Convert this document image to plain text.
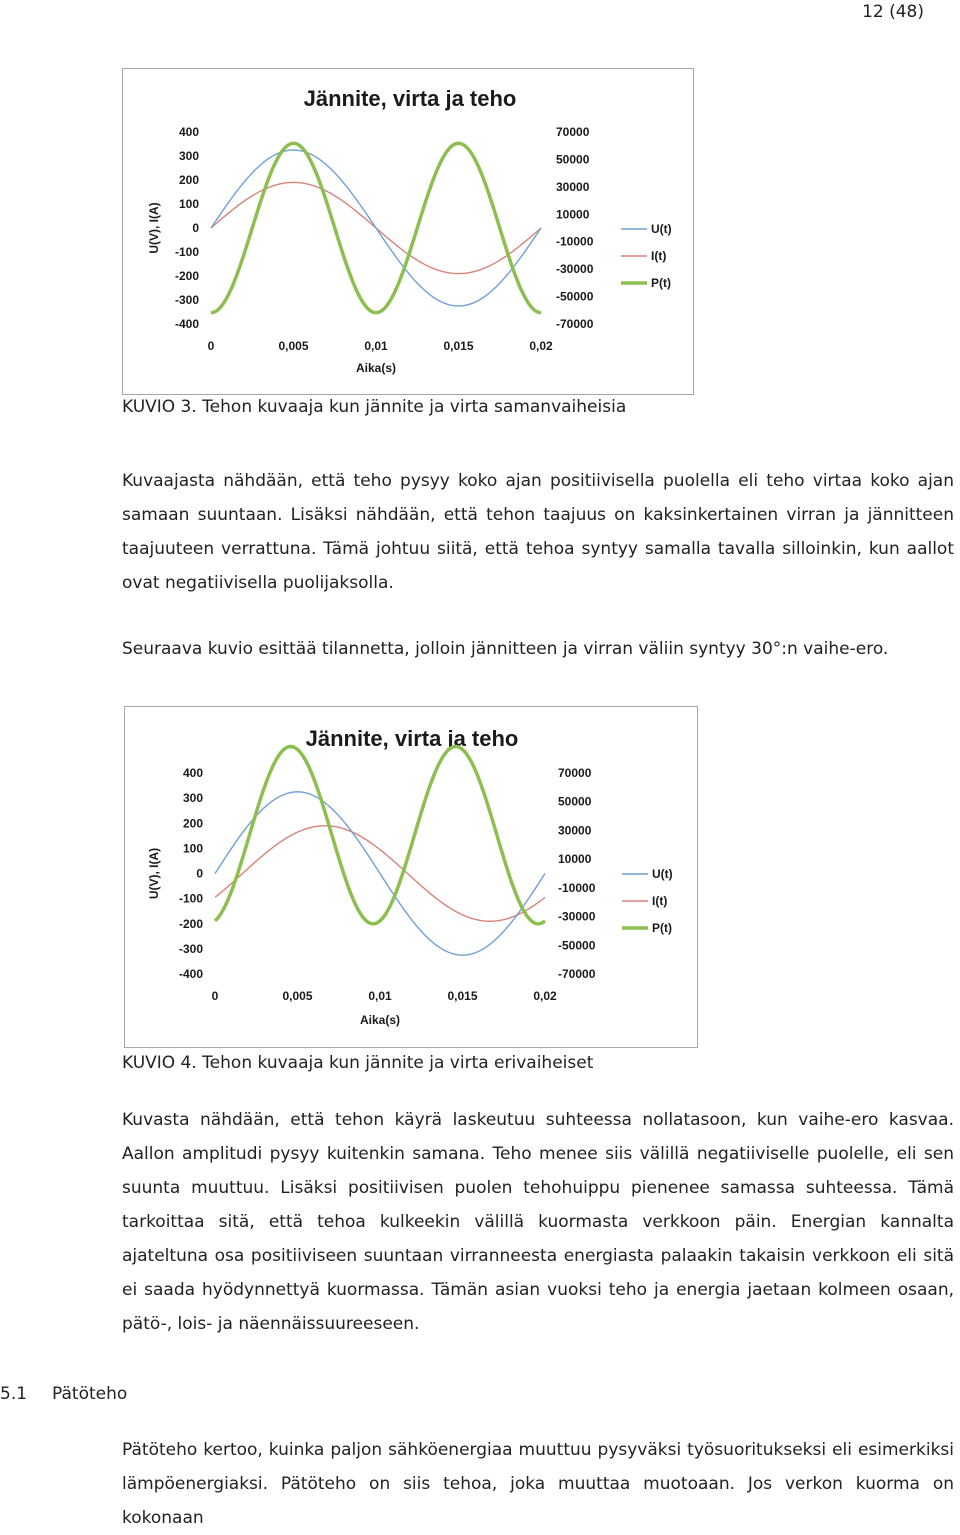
12 (48)
Jännite, virta ja teho
400
300
200
100
0
-100
-200
-300
-400
70000
50000
30000
10000
-10000
-30000
-50000
-70000
0	0,005	0,01	0,015	0,02
Aika(s)
U(V), I(A)	U(t)
I(t)
P(t)

KUVIO 3. Tehon kuvaaja kun jännite ja virta samanvaiheisia

Kuvaajasta nähdään, että teho pysyy koko ajan positiivisella puolella eli teho virtaa koko ajan samaan suuntaan. Lisäksi nähdään, että tehon taajuus on kaksinkertainen virran ja jännitteen taajuuteen verrattuna. Tämä johtuu siitä, että tehoa syntyy samalla tavalla silloinkin, kun aallot ovat negatiivisella puolijaksolla.

Seuraava kuvio esittää tilannetta, jolloin jännitteen ja virran väliin syntyy 30°:n vaihe-ero.

Jännite, virta ja teho
400
300
200
100
0
-100
-200
-300
-400
70000
50000
30000
10000
-10000
-30000
-50000
-70000
0	0,005	0,01	0,015	0,02
Aika(s)
U(V), I(A)	U(t)
I(t)
P(t)

KUVIO 4. Tehon kuvaaja kun jännite ja virta erivaiheiset

Kuvasta nähdään, että tehon käyrä laskeutuu suhteessa nollatasoon, kun vaihe-ero kasvaa. Aallon amplitudi pysyy kuitenkin samana. Teho menee siis välillä negatiiviselle puolelle, eli sen suunta muuttuu. Lisäksi positiivisen puolen tehohuippu pienenee samassa suhteessa. Tämä tarkoittaa sitä, että tehoa kulkeekin välillä kuormasta verkkoon päin. Energian kannalta ajateltuna osa positiiviseen suuntaan virranneesta energiasta palaakin takaisin verkkoon eli sitä ei saada hyödynnettyä kuormassa. Tämän asian vuoksi teho ja energia jaetaan kolmeen osaan, pätö-, lois- ja näennäissuureeseen.

5.1 Pätöteho

Pätöteho kertoo, kuinka paljon sähköenergiaa muuttuu pysyväksi työsuoritukseksi eli esimerkiksi lämpöenergiaksi. Pätöteho on siis tehoa, joka muuttaa muotoaan. Jos verkon kuorma on kokonaan
